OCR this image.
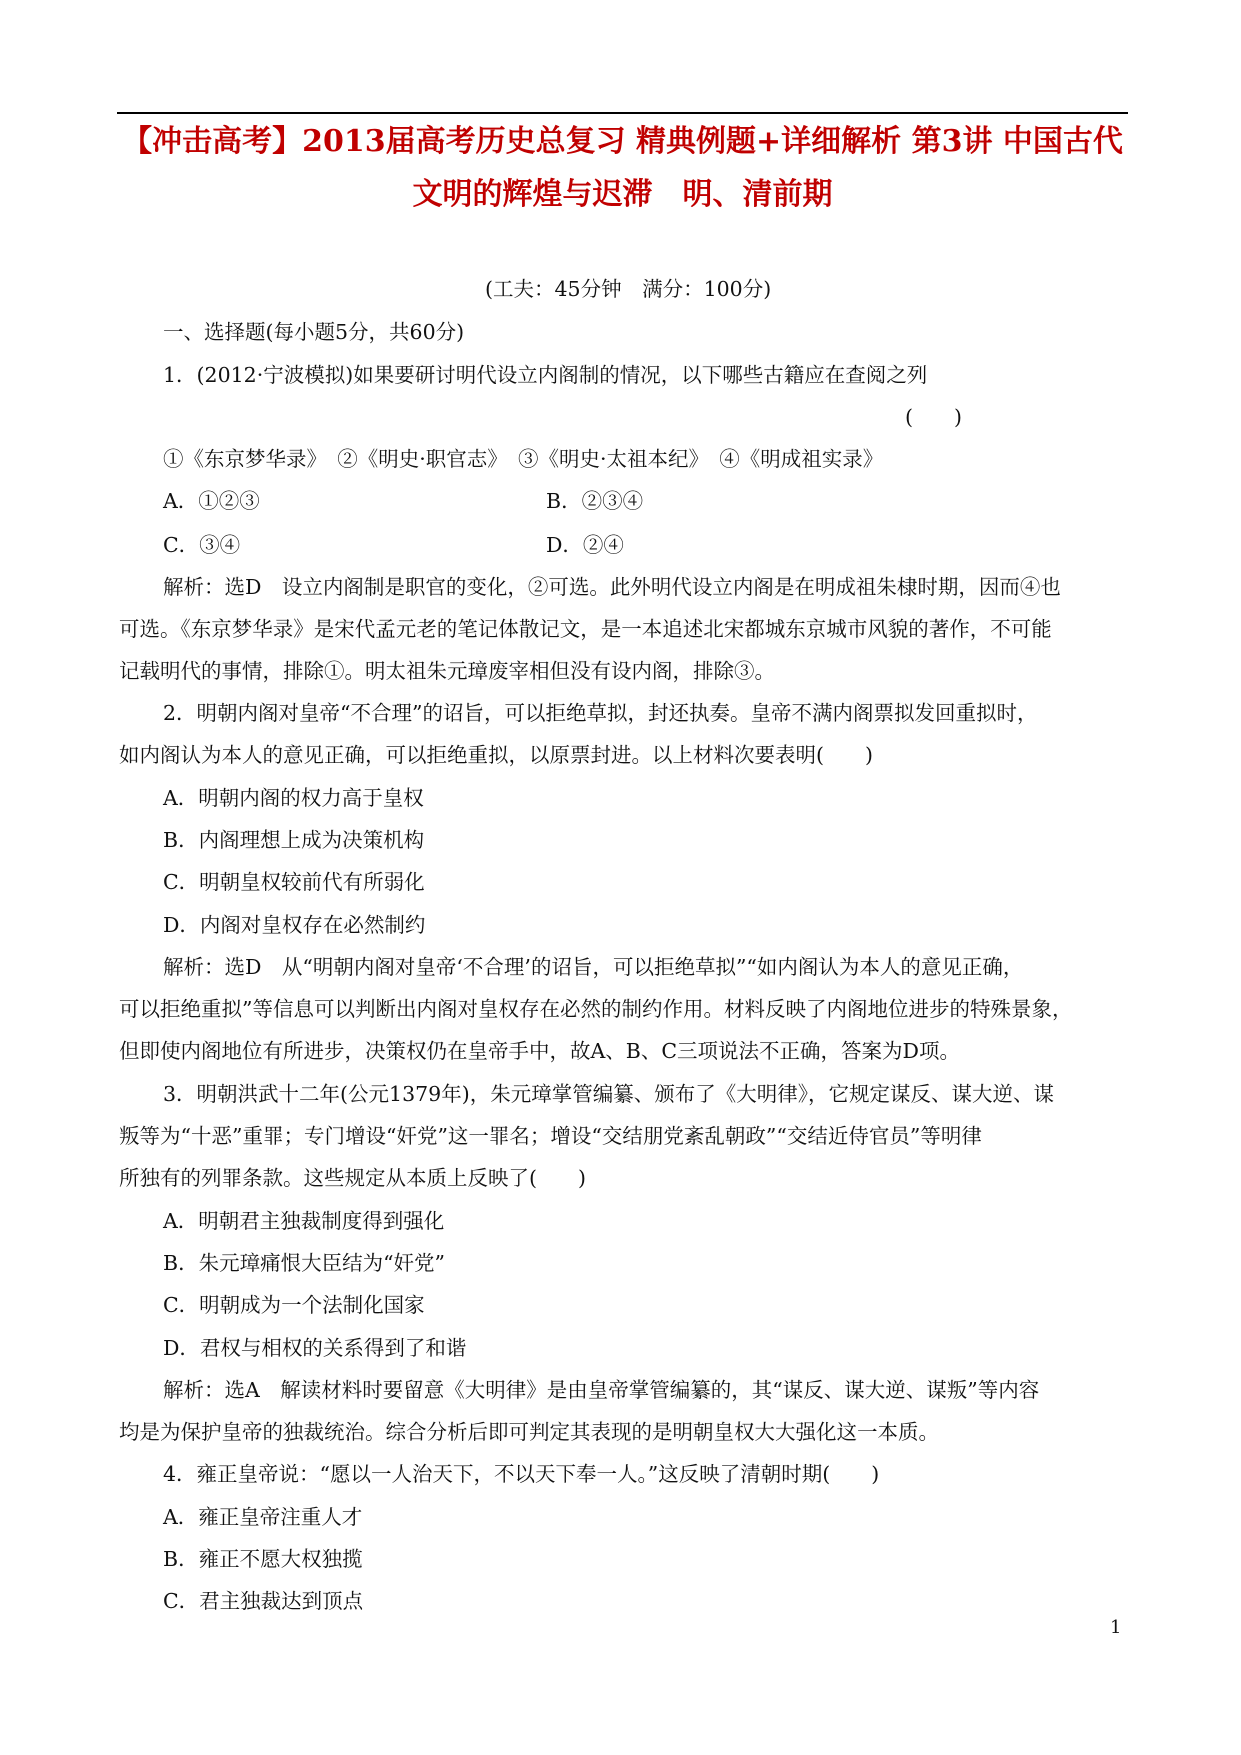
【冲击高考】2013届高考历史总复习 精典例题+详细解析 第3讲 中国古代
文明的辉煌与迟滞　明、清前期
(工夫：45分钟　满分：100分)
一、选择题(每小题5分，共60分)
1．(2012·宁波模拟)如果要研讨明代设立内阁制的情况，以下哪些古籍应在查阅之列
(　　)
①《东京梦华录》　②《明史·职官志》　③《明史·太祖本纪》　④《明成祖实录》
A．①②③	B．②③④
C．③④	D．②④
解析：选D　设立内阁制是职官的变化，②可选。此外明代设立内阁是在明成祖朱棣时期，因而④也
可选。《东京梦华录》是宋代孟元老的笔记体散记文，是一本追述北宋都城东京城市风貌的著作，不可能
记载明代的事情，排除①。明太祖朱元璋废宰相但没有设内阁，排除③。
2．明朝内阁对皇帝“不合理”的诏旨，可以拒绝草拟，封还执奏。皇帝不满内阁票拟发回重拟时，
如内阁认为本人的意见正确，可以拒绝重拟，以原票封进。以上材料次要表明(　　)
A．明朝内阁的权力高于皇权
B．内阁理想上成为决策机构
C．明朝皇权较前代有所弱化
D．内阁对皇权存在必然制约
解析：选D　从“明朝内阁对皇帝‘不合理’的诏旨，可以拒绝草拟”“如内阁认为本人的意见正确，
可以拒绝重拟”等信息可以判断出内阁对皇权存在必然的制约作用。材料反映了内阁地位进步的特殊景象，
但即使内阁地位有所进步，决策权仍在皇帝手中，故A、B、C三项说法不正确，答案为D项。
3．明朝洪武十二年(公元1379年)，朱元璋掌管编纂、颁布了《大明律》，它规定谋反、谋大逆、谋
叛等为“十恶”重罪；专门增设“奸党”这一罪名；增设“交结朋党紊乱朝政”“交结近侍官员”等明律
所独有的列罪条款。这些规定从本质上反映了(　　)
A．明朝君主独裁制度得到强化
B．朱元璋痛恨大臣结为“奸党”
C．明朝成为一个法制化国家
D．君权与相权的关系得到了和谐
解析：选A　解读材料时要留意《大明律》是由皇帝掌管编纂的，其“谋反、谋大逆、谋叛”等内容
均是为保护皇帝的独裁统治。综合分析后即可判定其表现的是明朝皇权大大强化这一本质。
4．雍正皇帝说：“愿以一人治天下，不以天下奉一人。”这反映了清朝时期(　　)
A．雍正皇帝注重人才
B．雍正不愿大权独揽
C．君主独裁达到顶点
1
